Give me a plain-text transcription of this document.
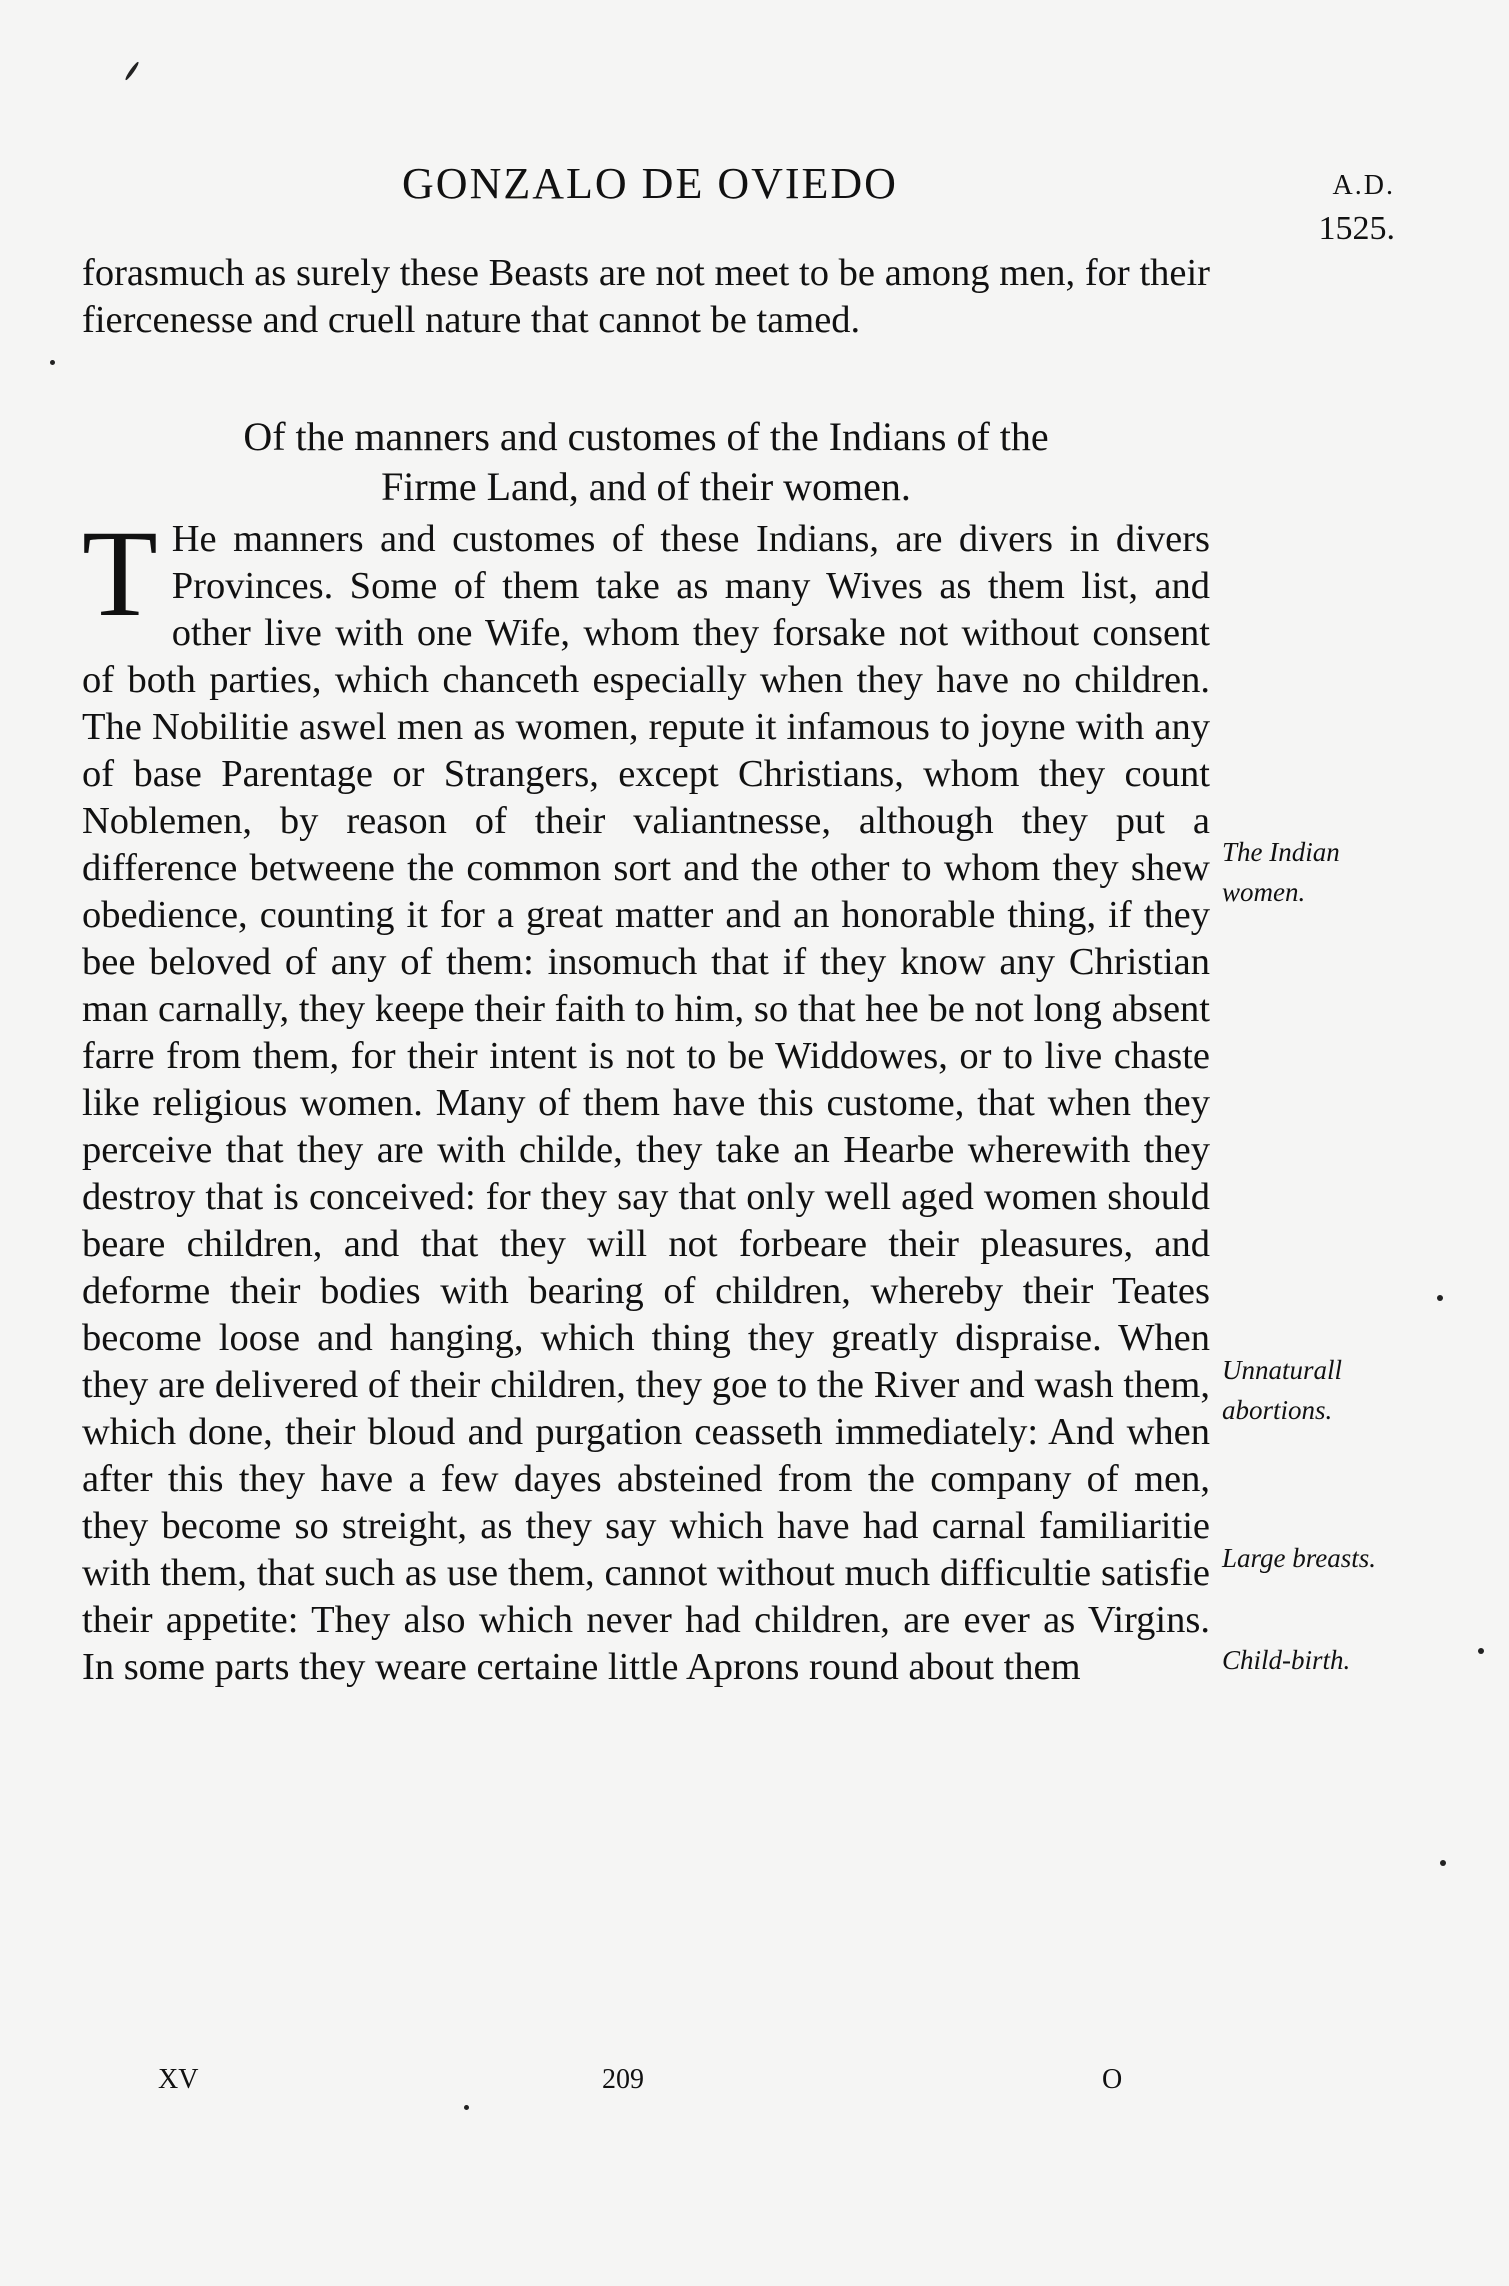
GONZALO DE OVIEDO	A.D.
1525.

forasmuch as surely these Beasts are not meet to be among men, for their fiercenesse and cruell nature that cannot be tamed.

Of the manners and customes of the Indians of the
Firme Land, and of their women.

T He manners and customes of these Indians, are divers in divers Provinces. Some of them take as many Wives as them list, and other live with one Wife, whom they forsake not without consent of both parties, which chanceth especially when they have no children. The Nobilitie aswel men as women, repute it infamous to joyne with any of base Parentage or Strangers, except Christians, whom they count Noblemen, by reason of their valiantnesse, although they put a difference betweene the common sort and the other to whom they shew obedience, counting it for a great matter and an honorable thing, if they bee beloved of any of them: insomuch that if they know any Christian man carnally, they keepe their faith to him, so that hee be not long absent farre from them, for their intent is not to be Widdowes, or to live chaste like religious women. Many of them have this custome, that when they perceive that they are with childe, they take an Hearbe wherewith they destroy that is conceived: for they say that only well aged women should beare children, and that they will not forbeare their pleasures, and deforme their bodies with bearing of children, whereby their Teates become loose and hanging, which thing they greatly dispraise. When they are delivered of their children, they goe to the River and wash them, which done, their bloud and purgation ceasseth immediately: And when after this they have a few dayes absteined from the company of men, they become so streight, as they say which have had carnal familiaritie with them, that such as use them, cannot without much difficultie satisfie their appetite: They also which never had children, are ever as Virgins. In some parts they weare certaine little Aprons round about them

The Indian
women.
Unnaturall
abortions.
Large breasts.
Child-birth.
XV	209	O
